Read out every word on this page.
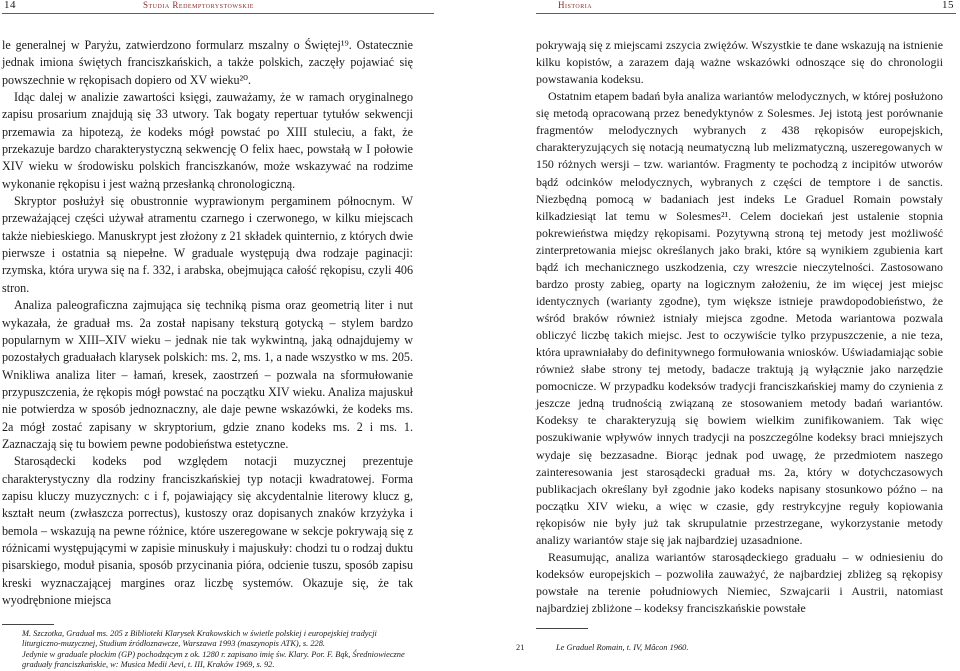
14	Studia Redemptorystowskie

le generalnej w Paryżu, zatwierdzono formularz mszalny o Świętej¹⁹. Ostatecznie jednak imiona świętych franciszkańskich, a także polskich, zaczęły pojawiać się powszechnie w rękopisach dopiero od XV wieku²⁰.

Idąc dalej w analizie zawartości księgi, zauważamy, że w ramach oryginalnego zapisu prosarium znajdują się 33 utwory. Tak bogaty repertuar tytułów sekwencji przemawia za hipotezą, że kodeks mógł powstać po XIII stuleciu, a fakt, że przekazuje bardzo charakterystyczną sekwencję O felix haec, powstałą w I połowie XIV wieku w środowisku polskich franciszkanów, może wskazywać na rodzime wykonanie rękopisu i jest ważną przesłanką chronologiczną.

Skryptor posłużył się obustronnie wyprawionym pergaminem północnym. W przeważającej części używał atramentu czarnego i czerwonego, w kilku miejscach także niebieskiego. Manuskrypt jest złożony z 21 składek quinternio, z których dwie pierwsze i ostatnia są niepełne. W graduale występują dwa rodzaje paginacji: rzymska, która urywa się na f. 332, i arabska, obejmująca całość rękopisu, czyli 406 stron.

Analiza paleograficzna zajmująca się techniką pisma oraz geometrią liter i nut wykazała, że graduał ms. 2a został napisany teksturą gotycką – stylem bardzo popularnym w XIII–XIV wieku – jednak nie tak wykwintną, jaką odnajdujemy w pozostałych graduałach klarysek polskich: ms. 2, ms. 1, a nade wszystko w ms. 205. Wnikliwa analiza liter – łamań, kresek, zaostrzeń – pozwala na sformułowanie przypuszczenia, że rękopis mógł powstać na początku XIV wieku. Analiza majuskuł nie potwierdza w sposób jednoznaczny, ale daje pewne wskazówki, że kodeks ms. 2a mógł zostać zapisany w skryptorium, gdzie znano kodeks ms. 2 i ms. 1. Zaznaczają się tu bowiem pewne podobieństwa estetyczne.

Starosądecki kodeks pod względem notacji muzycznej prezentuje charakterystyczny dla rodziny franciszkańskiej typ notacji kwadratowej. Forma zapisu kluczy muzycznych: c i f, pojawiający się akcydentalnie literowy klucz g, kształt neum (zwłaszcza porrectus), kustoszy oraz dopisanych znaków krzyżyka i bemola – wskazują na pewne różnice, które uszeregowane w sekcje pokrywają się z różnicami występującymi w zapisie minuskuły i majuskuły: chodzi tu o rodzaj duktu pisarskiego, moduł pisania, sposób przycinania pióra, odcienie tuszu, sposób zapisu kreski wyznaczającej margines oraz liczbę systemów. Okazuje się, że tak wyodrębnione miejsca

M. Szczotka, Graduał ms. 205 z Biblioteki Klarysek Krakowskich w świetle polskiej i europejskiej tradycji liturgiczno-muzycznej, Studium źródłoznawcze, Warszawa 1993 (maszynopis ATK), s. 228.
Jedynie w graduale płockim (GP) pochodzącym z ok. 1280 r. zapisano imię św. Klary. Por. F. Bąk, Średniowieczne graduały franciszkańskie, w: Musica Medii Aevi, t. III, Kraków 1969, s. 92.
Historia	15

pokrywają się z miejscami zszycia zwiężów. Wszystkie te dane wskazują na istnienie kilku kopistów, a zarazem dają ważne wskazówki odnoszące się do chronologii powstawania kodeksu.

Ostatnim etapem badań była analiza wariantów melodycznych, w której posłużono się metodą opracowaną przez benedyktynów z Solesmes. Jej istotą jest porównanie fragmentów melodycznych wybranych z 438 rękopisów europejskich, charakteryzujących się notacją neumatyczną lub melizmatyczną, uszeregowanych w 150 różnych wersji – tzw. wariantów. Fragmenty te pochodzą z incipitów utworów bądź odcinków melodycznych, wybranych z części de temptore i de sanctis. Niezbędną pomocą w badaniach jest indeks Le Graduel Romain powstały kilkadziesiąt lat temu w Solesmes²¹. Celem dociekań jest ustalenie stopnia pokrewieństwa między rękopisami. Pozytywną stroną tej metody jest możliwość zinterpretowania miejsc określanych jako braki, które są wynikiem zgubienia kart bądź ich mechanicznego uszkodzenia, czy wreszcie nieczytelności. Zastosowano bardzo prosty zabieg, oparty na logicznym założeniu, że im więcej jest miejsc identycznych (warianty zgodne), tym większe istnieje prawdopodobieństwo, że wśród braków również istniały miejsca zgodne. Metoda wariantowa pozwala obliczyć liczbę takich miejsc. Jest to oczywiście tylko przypuszczenie, a nie teza, która uprawniałaby do definitywnego formułowania wniosków. Uświadamiając sobie również słabe strony tej metody, badacze traktują ją wyłącznie jako narzędzie pomocnicze. W przypadku kodeksów tradycji franciszkańskiej mamy do czynienia z jeszcze jedną trudnością związaną ze stosowaniem metody badań wariantów. Kodeksy te charakteryzują się bowiem wielkim zunifikowaniem. Tak więc poszukiwanie wpływów innych tradycji na poszczególne kodeksy braci mniejszych wydaje się bezzasadne. Biorąc jednak pod uwagę, że przedmiotem naszego zainteresowania jest starosądecki graduał ms. 2a, który w dotychczasowych publikacjach określany był zgodnie jako kodeks napisany stosunkowo późno – na początku XIV wieku, a więc w czasie, gdy restrykcyjne reguły kopiowania rękopisów nie były już tak skrupulatnie przestrzegane, wykorzystanie metody analizy wariantów staje się jak najbardziej uzasadnione.

Reasumując, analiza wariantów starosądeckiego graduału – w odniesieniu do kodeksów europejskich – pozwoliła zauważyć, że najbardziej zbliżeg są rękopisy powstałe na terenie południowych Niemiec, Szwajcarii i Austrii, natomiast najbardziej zbliżone – kodeksy franciszkańskie powstałe

21	Le Graduel Romain, t. IV, Mâcon 1960.
